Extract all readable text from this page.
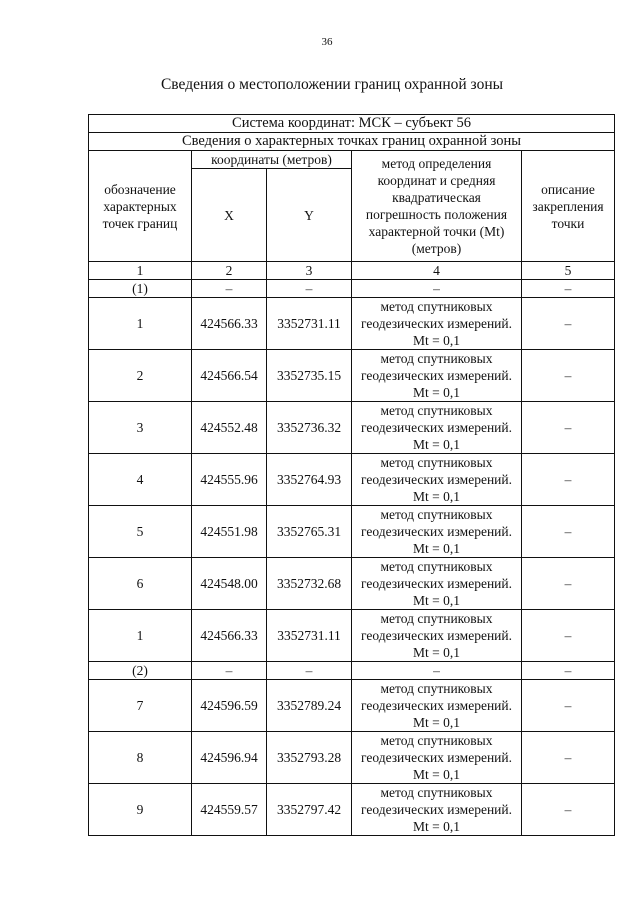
36
Сведения о местоположении границ охранной зоны
Система координат: МСК – субъект 56				
Сведения о характерных точках границ охранной зоны				
обозначение характерных точек границ	координаты (метров)		метод определения координат и средняя квадратическая погрешность положения характерной точки (Mt) (метров)	описание закрепления точки
	X	Y		
1	2	3	4	5
(1)	–	–	–	–
1	424566.33	3352731.11	метод спутниковых геодезических измерений. Mt = 0,1	–
2	424566.54	3352735.15	метод спутниковых геодезических измерений. Mt = 0,1	–
3	424552.48	3352736.32	метод спутниковых геодезических измерений. Mt = 0,1	–
4	424555.96	3352764.93	метод спутниковых геодезических измерений. Mt = 0,1	–
5	424551.98	3352765.31	метод спутниковых геодезических измерений. Mt = 0,1	–
6	424548.00	3352732.68	метод спутниковых геодезических измерений. Mt = 0,1	–
1	424566.33	3352731.11	метод спутниковых геодезических измерений. Mt = 0,1	–
(2)	–	–	–	–
7	424596.59	3352789.24	метод спутниковых геодезических измерений. Mt = 0,1	–
8	424596.94	3352793.28	метод спутниковых геодезических измерений. Mt = 0,1	–
9	424559.57	3352797.42	метод спутниковых геодезических измерений. Mt = 0,1	–
